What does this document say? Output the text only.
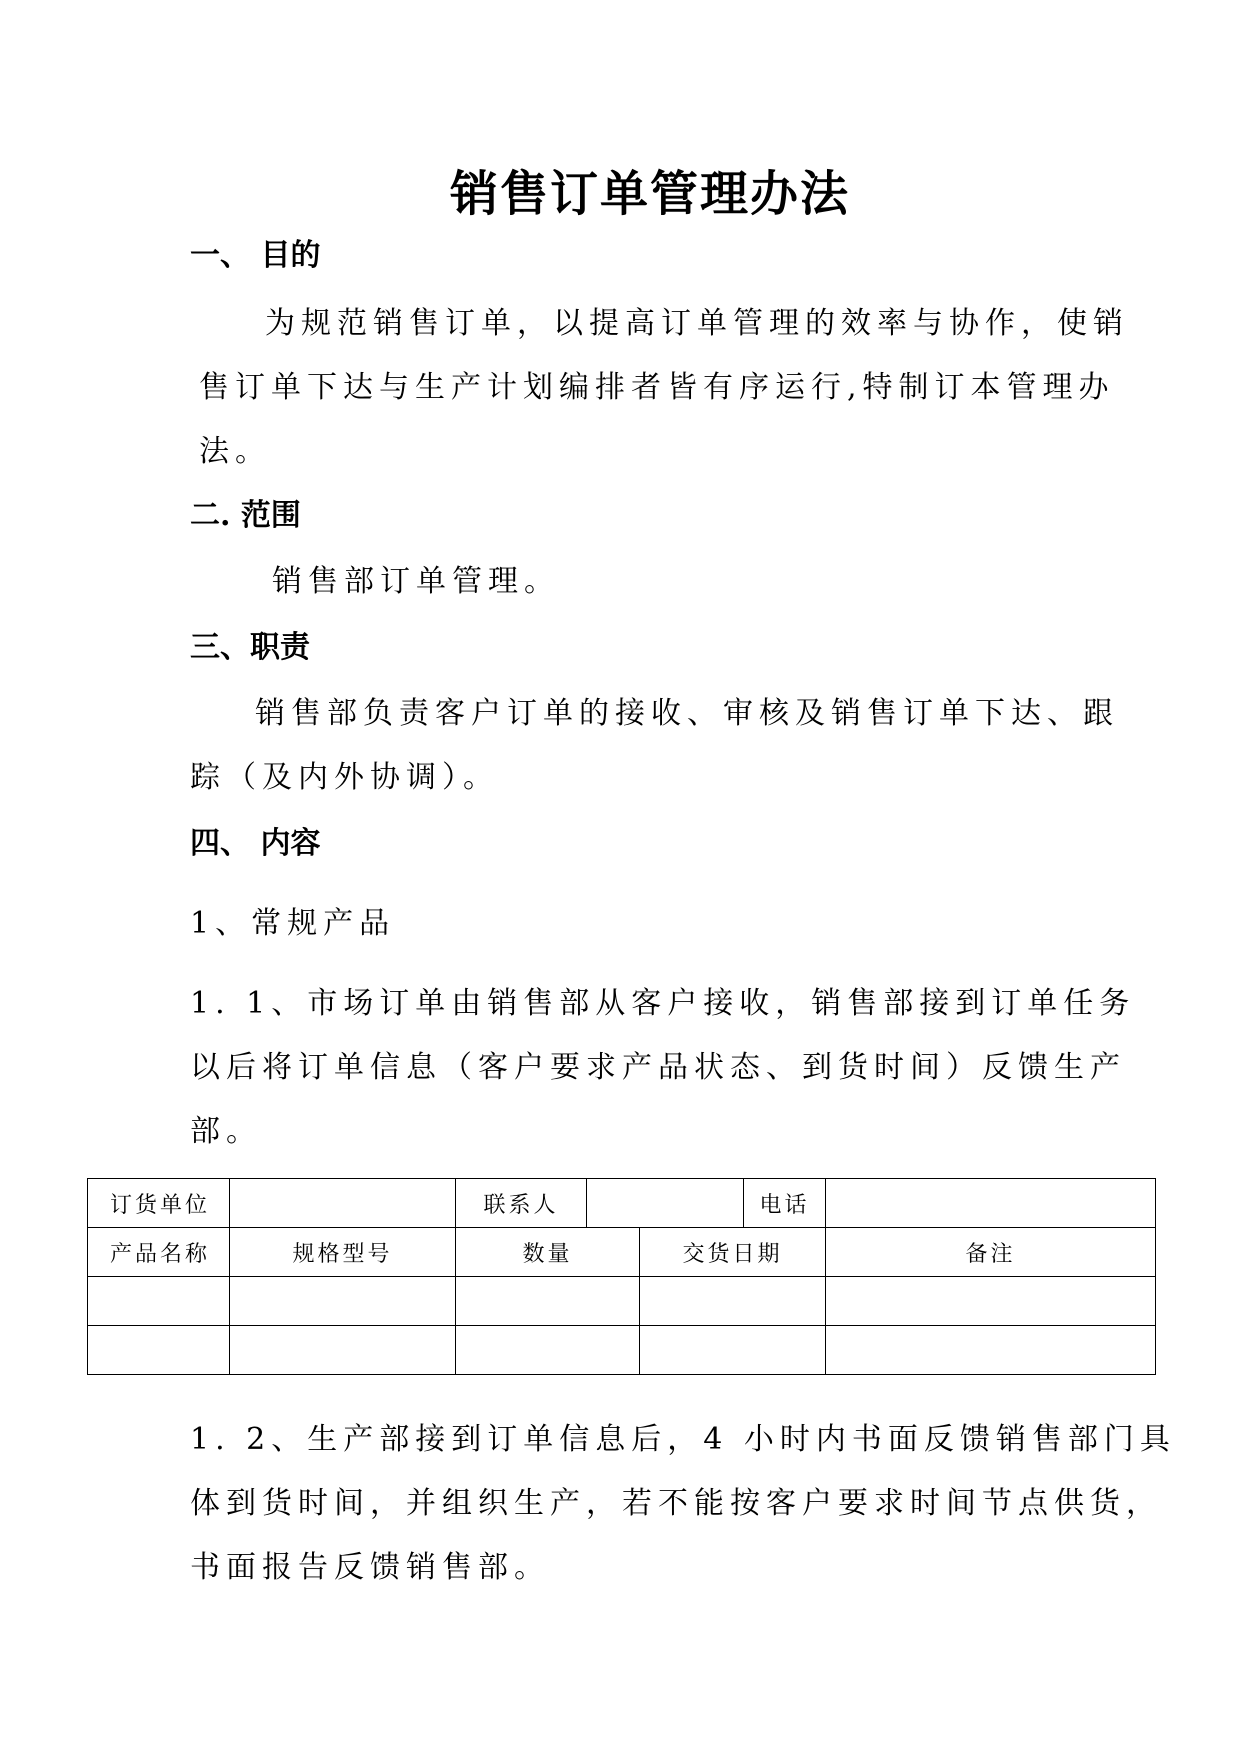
销售订单管理办法
一、 目的
为规范销售订单，以提高订单管理的效率与协作，使销
售订单下达与生产计划编排者皆有序运行,特制订本管理办
法。
二. 范围
销售部订单管理。
三、职责
销售部负责客户订单的接收、审核及销售订单下达、跟
踪（及内外协调）。
四、 内容
1、常规产品
1. 1、市场订单由销售部从客户接收，销售部接到订单任务
以后将订单信息（客户要求产品状态、到货时间）反馈生产
部。
订货单位		联系人			电话	
产品名称	规格型号	数量		交货日期		备注

1. 2、生产部接到订单信息后，4 小时内书面反馈销售部门具
体到货时间，并组织生产，若不能按客户要求时间节点供货，
书面报告反馈销售部。
